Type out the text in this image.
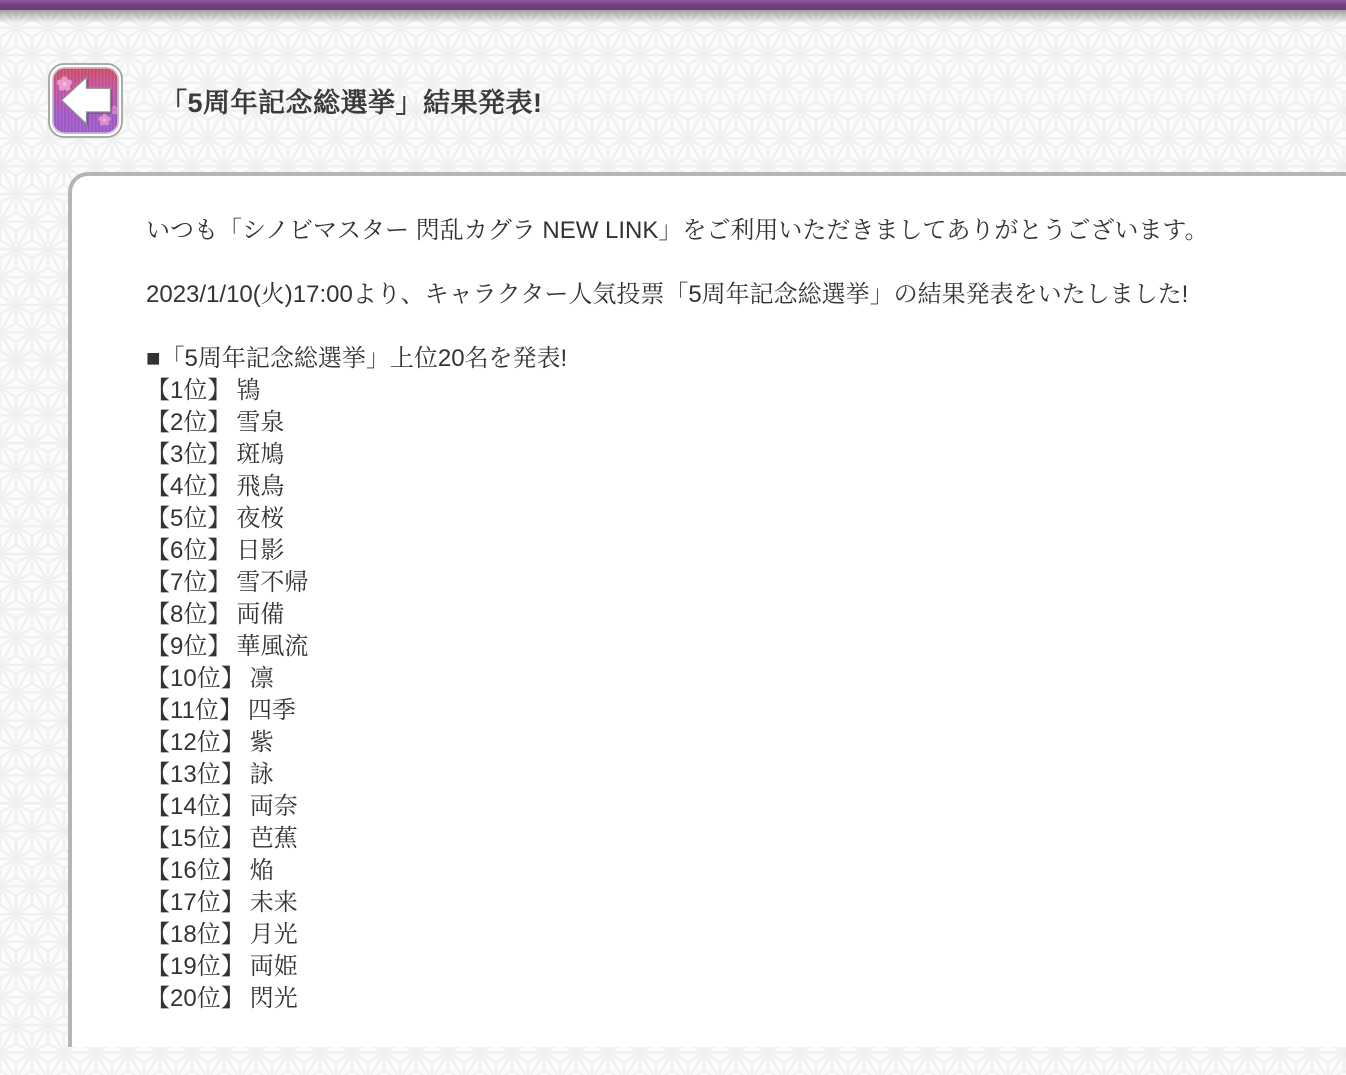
「5周年記念総選挙」結果発表!

いつも「シノビマスター 閃乱カグラ NEW LINK」をご利用いただきましてありがとうございます。

2023/1/10(火)17:00より、キャラクター人気投票「5周年記念総選挙」の結果発表をいたしました!

■「5周年記念総選挙」上位20名を発表!
【1位】 鴇
【2位】 雪泉
【3位】 斑鳩
【4位】 飛鳥
【5位】 夜桜
【6位】 日影
【7位】 雪不帰
【8位】 両備
【9位】 華風流
【10位】 凛
【11位】 四季
【12位】 紫
【13位】 詠
【14位】 両奈
【15位】 芭蕉
【16位】 焔
【17位】 未来
【18位】 月光
【19位】 両姫
【20位】 閃光
